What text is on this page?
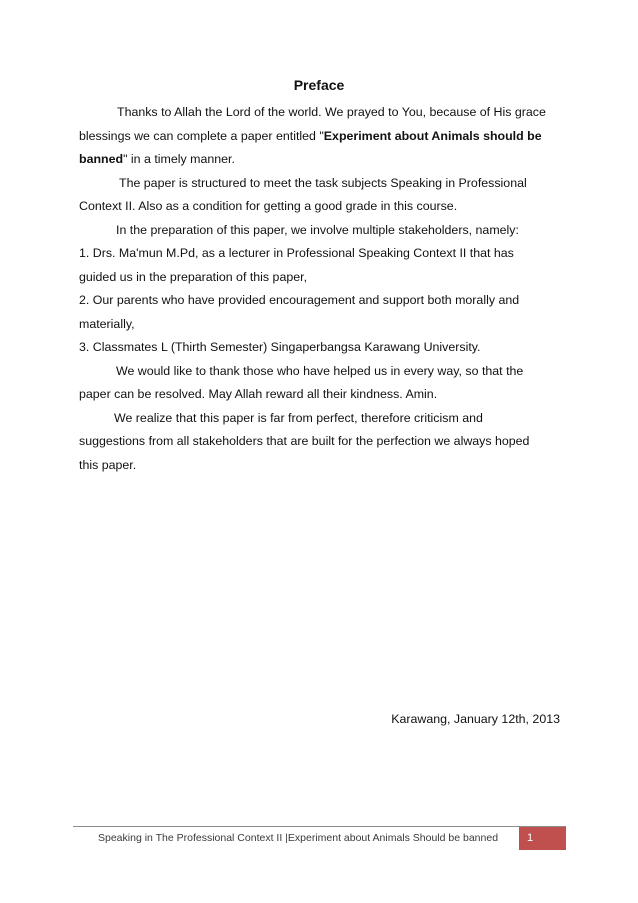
Preface

Thanks to Allah the Lord of the world. We prayed to You, because of His grace blessings we can complete a paper entitled "Experiment about Animals should be banned" in a timely manner.

The paper is structured to meet the task subjects Speaking in Professional Context II. Also as a condition for getting a good grade in this course.

In the preparation of this paper, we involve multiple stakeholders, namely:

1. Drs. Ma'mun M.Pd, as a lecturer in Professional Speaking Context II that has guided us in the preparation of this paper,

2. Our parents who have provided encouragement and support both morally and materially,

3. Classmates L (Thirth Semester) Singaperbangsa Karawang University.

We would like to thank those who have helped us in every way, so that the paper can be resolved. May Allah reward all their kindness. Amin.

We realize that this paper is far from perfect, therefore criticism and suggestions from all stakeholders that are built for the perfection we always hoped this paper.

Karawang, January 12th, 2013
Speaking in The Professional Context II |Experiment about Animals Should be banned	1
